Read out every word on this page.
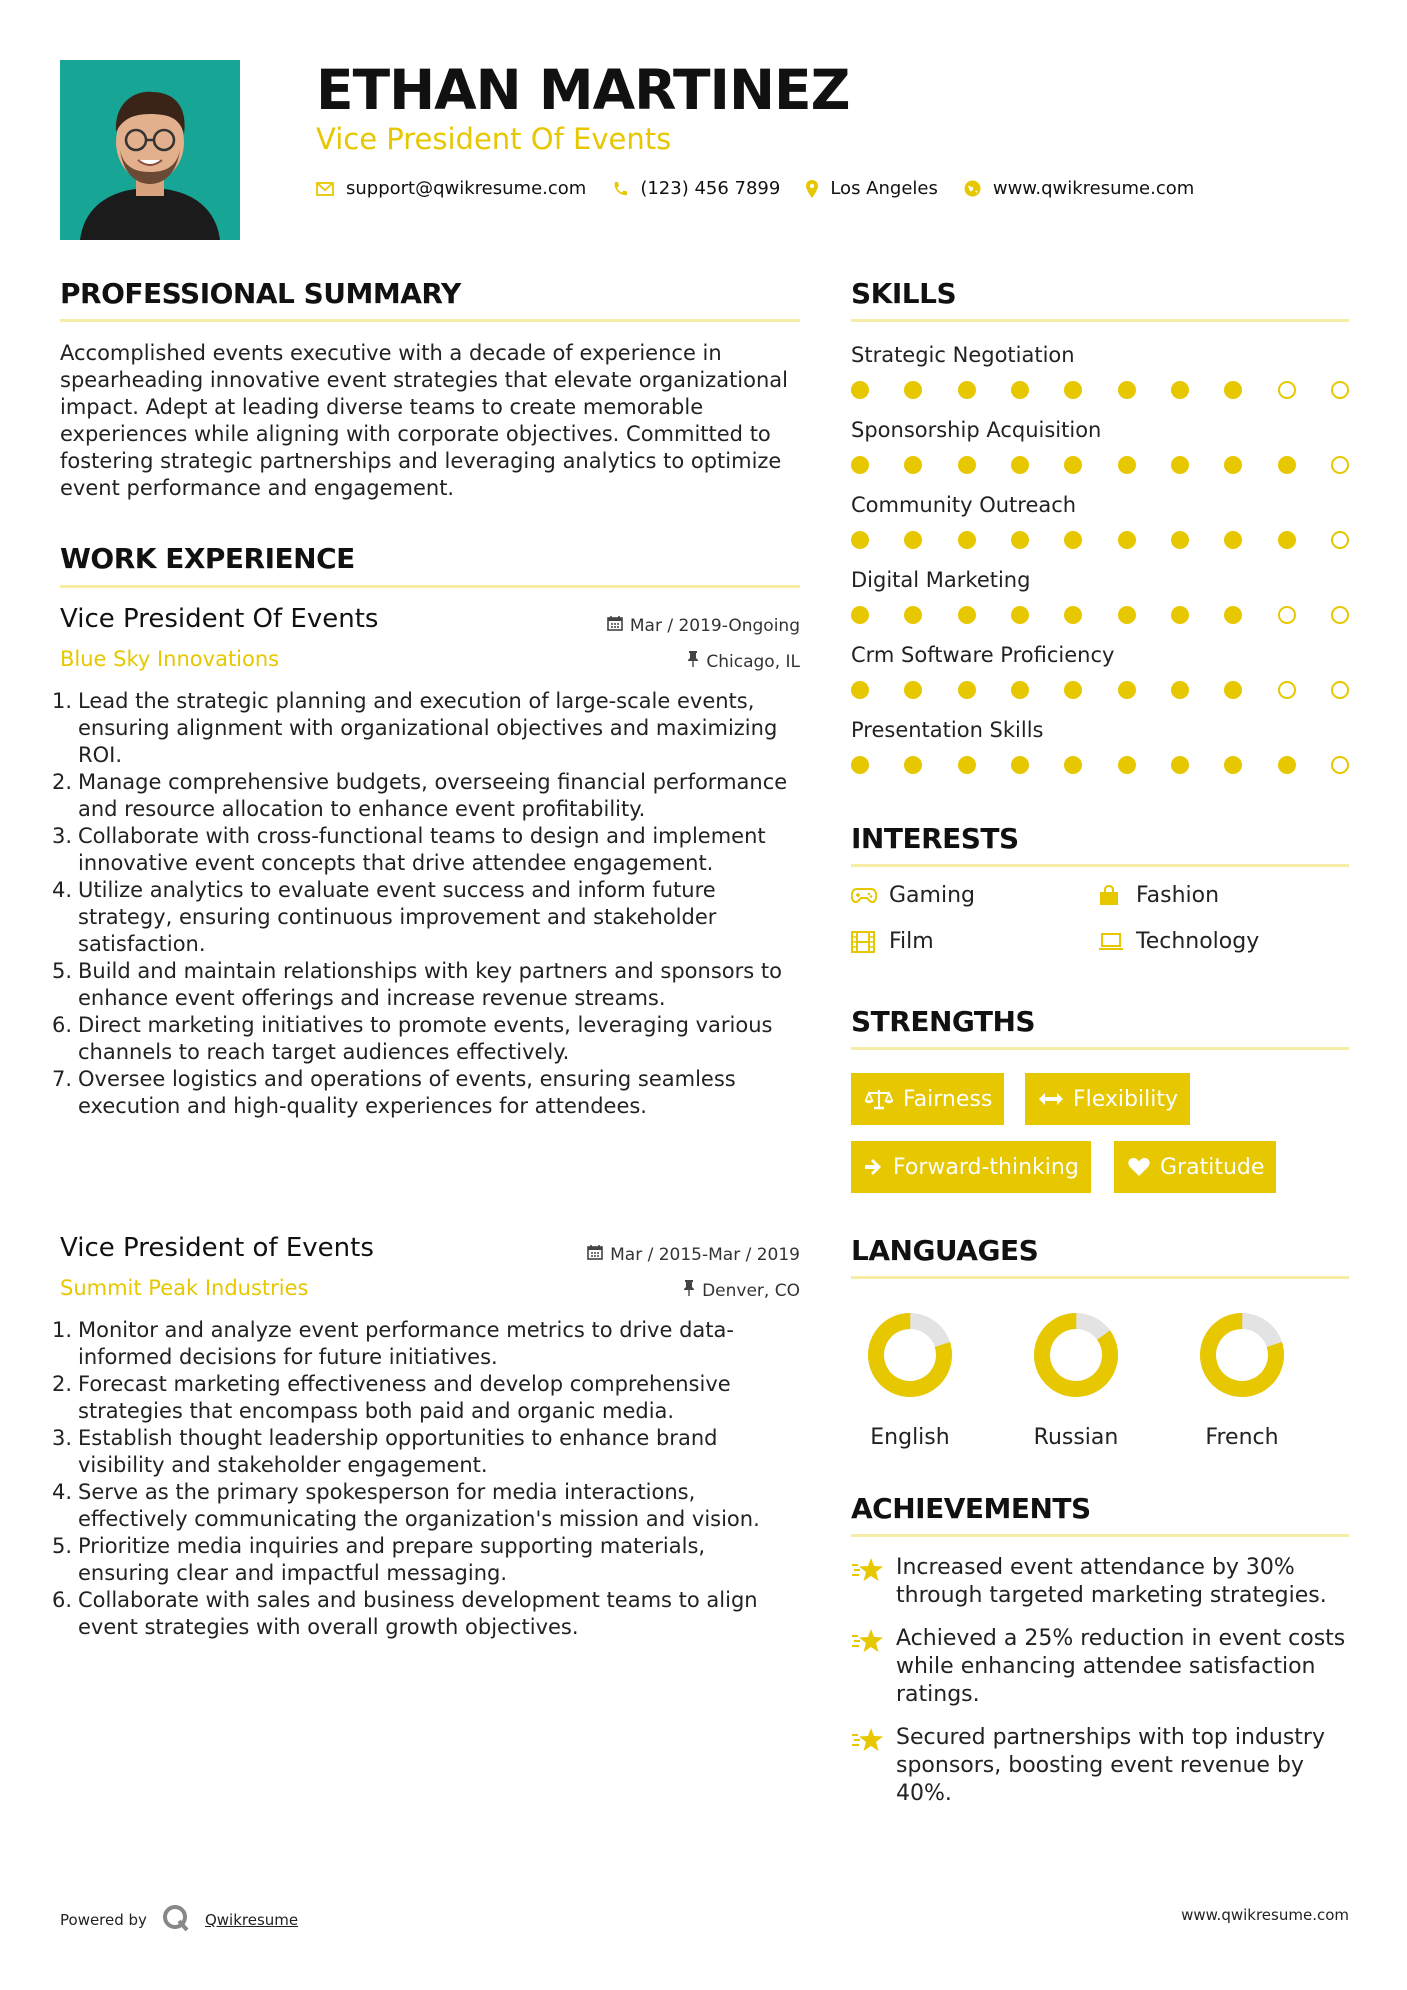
ETHAN MARTINEZ
Vice President Of Events
support@qwikresume.com	(123) 456 7899	Los Angeles	www.qwikresume.com
PROFESSIONAL SUMMARY

Accomplished events executive with a decade of experience in spearheading innovative event strategies that elevate organizational impact. Adept at leading diverse teams to create memorable experiences while aligning with corporate objectives. Committed to fostering strategic partnerships and leveraging analytics to optimize event performance and engagement.

WORK EXPERIENCE
Vice President Of Events	Mar / 2019-Ongoing
Blue Sky Innovations	Chicago, IL
1. Lead the strategic planning and execution of large-scale events, ensuring alignment with organizational objectives and maximizing ROI.
2. Manage comprehensive budgets, overseeing financial performance and resource allocation to enhance event profitability.
3. Collaborate with cross-functional teams to design and implement innovative event concepts that drive attendee engagement.
4. Utilize analytics to evaluate event success and inform future strategy, ensuring continuous improvement and stakeholder satisfaction.
5. Build and maintain relationships with key partners and sponsors to enhance event offerings and increase revenue streams.
6. Direct marketing initiatives to promote events, leveraging various channels to reach target audiences effectively.
7. Oversee logistics and operations of events, ensuring seamless execution and high-quality experiences for attendees.
Vice President of Events	Mar / 2015-Mar / 2019
Summit Peak Industries	Denver, CO
1. Monitor and analyze event performance metrics to drive data-informed decisions for future initiatives.
2. Forecast marketing effectiveness and develop comprehensive strategies that encompass both paid and organic media.
3. Establish thought leadership opportunities to enhance brand visibility and stakeholder engagement.
4. Serve as the primary spokesperson for media interactions, effectively communicating the organization's mission and vision.
5. Prioritize media inquiries and prepare supporting materials, ensuring clear and impactful messaging.
6. Collaborate with sales and business development teams to align event strategies with overall growth objectives.
SKILLS
Strategic Negotiation
Sponsorship Acquisition
Community Outreach
Digital Marketing
Crm Software Proficiency
Presentation Skills
INTERESTS
Gaming	Fashion
Film	Technology
STRENGTHS
Fairness	Flexibility
Forward-thinking	Gratitude
LANGUAGES
English	Russian	French
ACHIEVEMENTS
Increased event attendance by 30% through targeted marketing strategies.
Achieved a 25% reduction in event costs while enhancing attendee satisfaction ratings.
Secured partnerships with top industry sponsors, boosting event revenue by 40%.
Powered by	Qwikresume	www.qwikresume.com
